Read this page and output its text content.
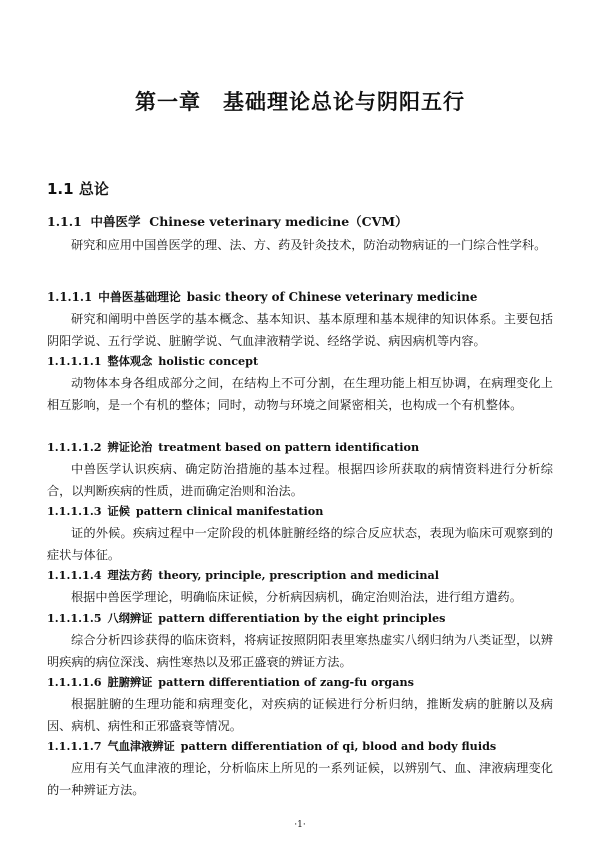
第一章　基础理论总论与阴阳五行
1.1 总论
1.1.1 中兽医学 Chinese veterinary medicine（CVM）
研究和应用中国兽医学的理、法、方、药及针灸技术，防治动物病证的一门综合性学科。
1.1.1.1 中兽医基础理论 basic theory of Chinese veterinary medicine
研究和阐明中兽医学的基本概念、基本知识、基本原理和基本规律的知识体系。主要包括阴阳学说、五行学说、脏腑学说、气血津液精学说、经络学说、病因病机等内容。
1.1.1.1.1 整体观念 holistic concept
动物体本身各组成部分之间，在结构上不可分割，在生理功能上相互协调，在病理变化上相互影响，是一个有机的整体；同时，动物与环境之间紧密相关，也构成一个有机整体。
1.1.1.1.2 辨证论治 treatment based on pattern identification
中兽医学认识疾病、确定防治措施的基本过程。根据四诊所获取的病情资料进行分析综合，以判断疾病的性质，进而确定治则和治法。
1.1.1.1.3 证候 pattern clinical manifestation
证的外候。疾病过程中一定阶段的机体脏腑经络的综合反应状态，表现为临床可观察到的症状与体征。
1.1.1.1.4 理法方药 theory, principle, prescription and medicinal
根据中兽医学理论，明确临床证候，分析病因病机，确定治则治法，进行组方遣药。
1.1.1.1.5 八纲辨证 pattern differentiation by the eight principles
综合分析四诊获得的临床资料，将病证按照阴阳表里寒热虚实八纲归纳为八类证型，以辨明疾病的病位深浅、病性寒热以及邪正盛衰的辨证方法。
1.1.1.1.6 脏腑辨证 pattern differentiation of zang-fu organs
根据脏腑的生理功能和病理变化，对疾病的证候进行分析归纳，推断发病的脏腑以及病因、病机、病性和正邪盛衰等情况。
1.1.1.1.7 气血津液辨证 pattern differentiation of qi, blood and body fluids
应用有关气血津液的理论，分析临床上所见的一系列证候，以辨别气、血、津液病理变化的一种辨证方法。
·1·
